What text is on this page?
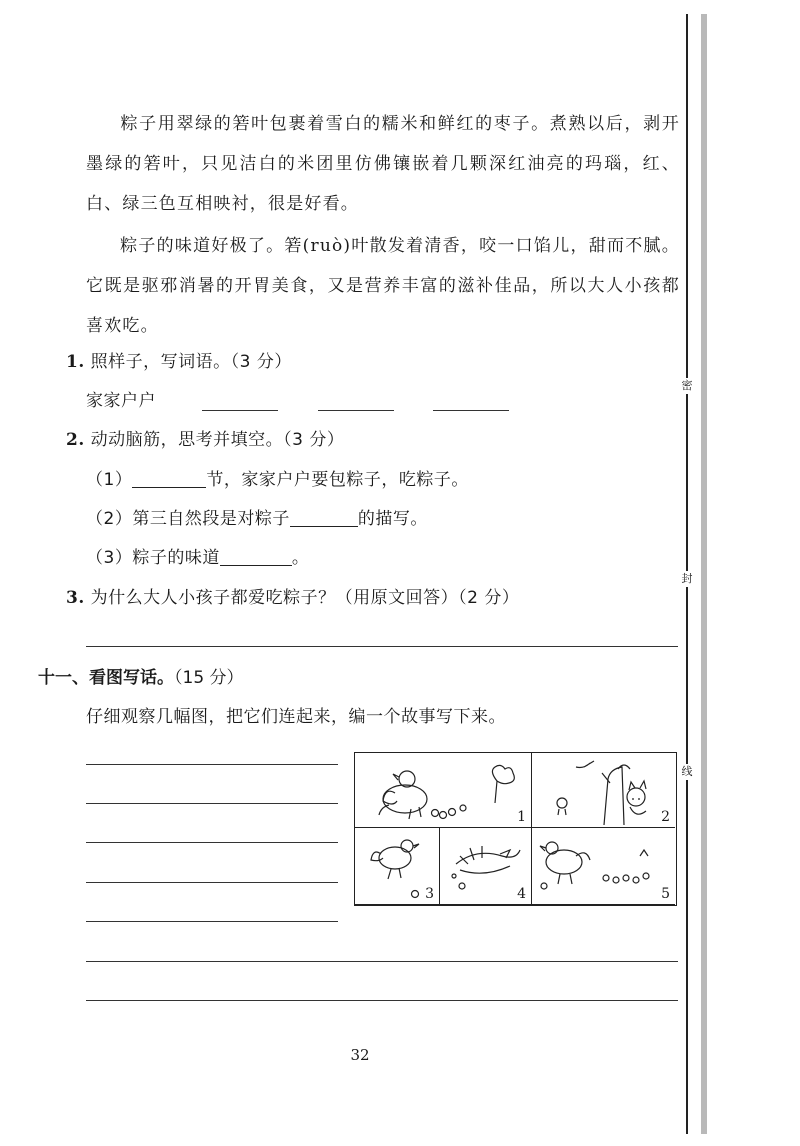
密
封
线
粽子用翠绿的箬叶包裹着雪白的糯米和鲜红的枣子。煮熟以后，剥开墨绿的箬叶，只见洁白的米团里仿佛镶嵌着几颗深红油亮的玛瑙，红、白、绿三色互相映衬，很是好看。
粽子的味道好极了。箬(ruò)叶散发着清香，咬一口馅儿，甜而不腻。它既是驱邪消暑的开胃美食，又是营养丰富的滋补佳品，所以大人小孩都喜欢吃。
1. 照样子，写词语。（3 分）
家家户户
2. 动动脑筋，思考并填空。（3 分）
（1）	节，家家户户要包粽子，吃粽子。
（2）第三自然段是对粽子	的描写。
（3）粽子的味道	。
3. 为什么大人小孩子都爱吃粽子？（用原文回答）（2 分）
十一、看图写话。（15 分）
仔细观察几幅图，把它们连起来，编一个故事写下来。
1	2
3	4	5
32
